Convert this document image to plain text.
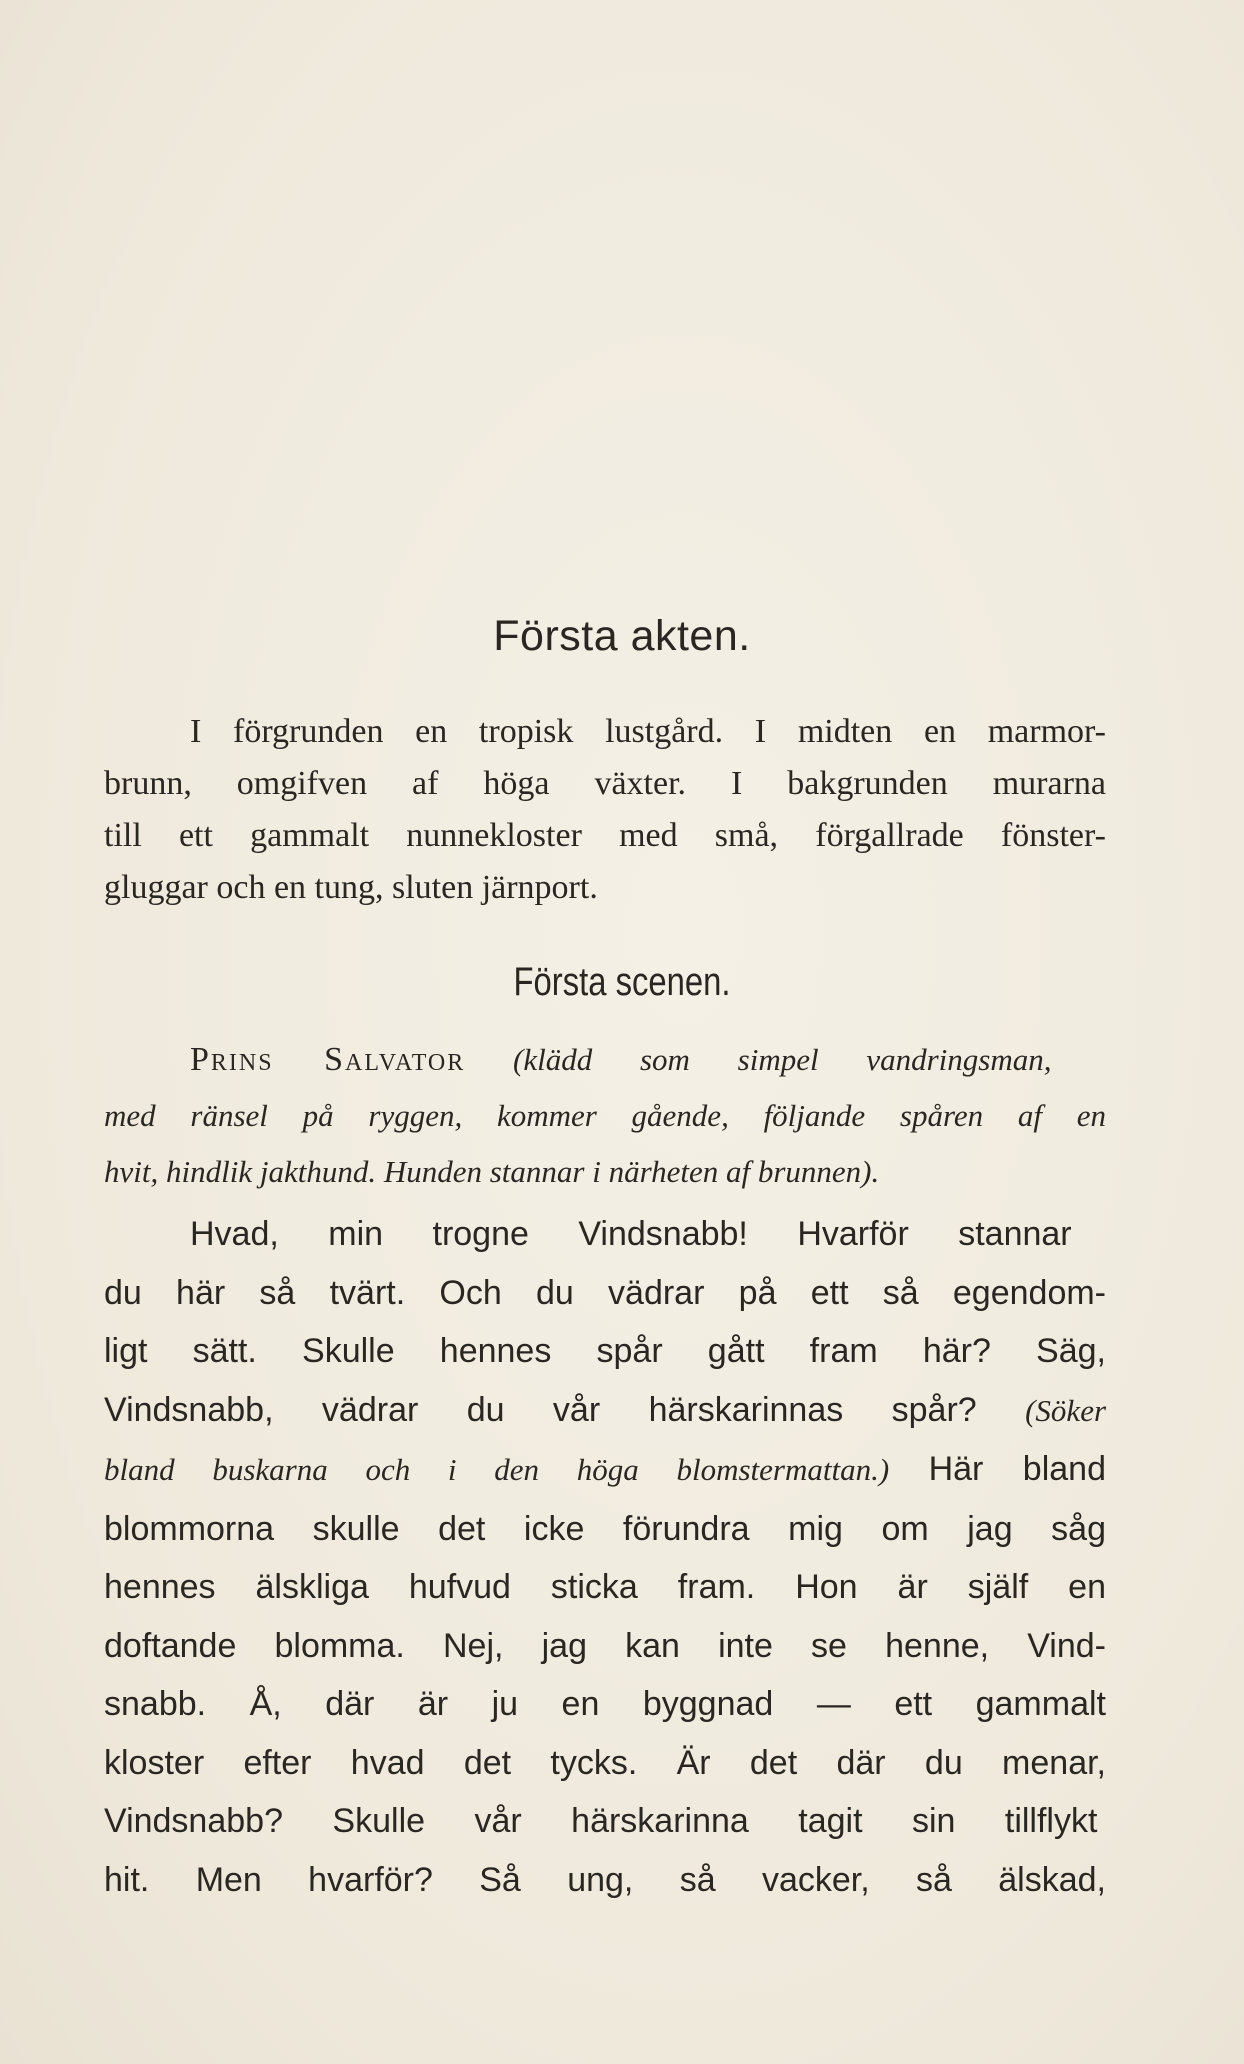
Första akten.
I förgrunden en tropisk lustgård. I midten en marmor-
brunn, omgifven af höga växter. I bakgrunden murarna
till ett gammalt nunnekloster med små, förgallrade fönster-
gluggar och en tung, sluten järnport.
Första scenen.
Prins Salvator (klädd som simpel vandringsman,
med ränsel på ryggen, kommer gående, följande spåren af en
hvit, hindlik jakthund. Hunden stannar i närheten af brunnen).
Hvad, min trogne Vindsnabb! Hvarför stannar
du här så tvärt. Och du vädrar på ett så egendom-
ligt sätt. Skulle hennes spår gått fram här? Säg,
Vindsnabb, vädrar du vår härskarinnas spår? (Söker
bland buskarna och i den höga blomstermattan.) Här bland
blommorna skulle det icke förundra mig om jag såg
hennes älskliga hufvud sticka fram. Hon är själf en
doftande blomma. Nej, jag kan inte se henne, Vind-
snabb. Å, där är ju en byggnad — ett gammalt
kloster efter hvad det tycks. Är det där du menar,
Vindsnabb? Skulle vår härskarinna tagit sin tillflykt
hit. Men hvarför? Så ung, så vacker, så älskad,
